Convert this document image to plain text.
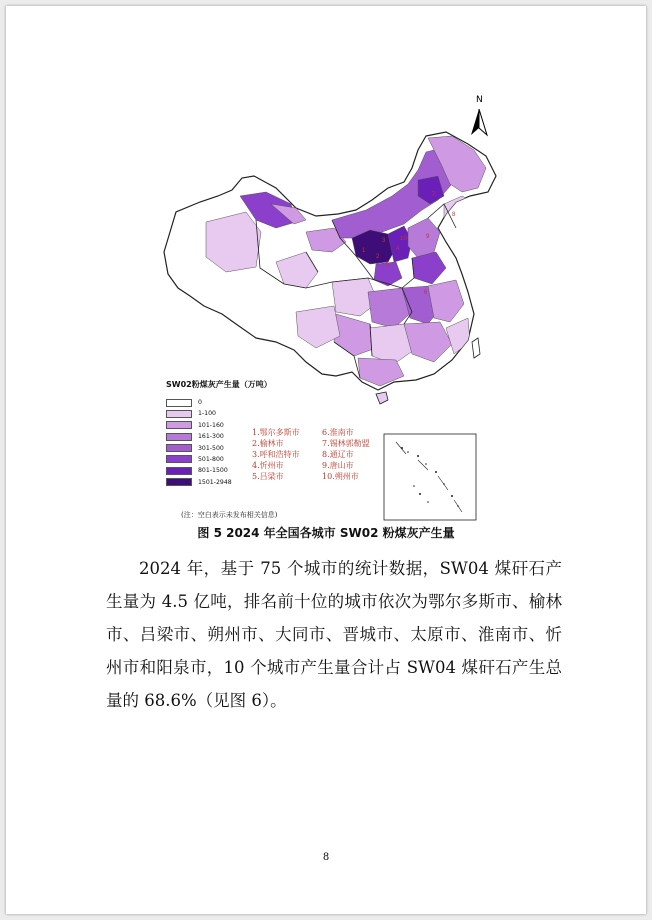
1
2
3
4
5
6
7
8
9
10
N
SW02粉煤灰产生量（万吨）
0
1-100
101-160
161-300
301-500
501-800
801-1500
1501-2948
1.鄂尔多斯市	6.淮南市
2.榆林市	7.锡林郭勒盟
3.呼和浩特市	8.通辽市
4.忻州市	9.唐山市
5.吕梁市	10.朔州市
(注：空白表示未发布相关信息)
图 5 2024 年全国各城市 SW02 粉煤灰产生量

2024 年，基于 75 个城市的统计数据，SW04 煤矸石产生量为 4.5 亿吨，排名前十位的城市依次为鄂尔多斯市、榆林市、吕梁市、朔州市、大同市、晋城市、太原市、淮南市、忻州市和阳泉市，10 个城市产生量合计占 SW04 煤矸石产生总量的 68.6%（见图 6）。

8
